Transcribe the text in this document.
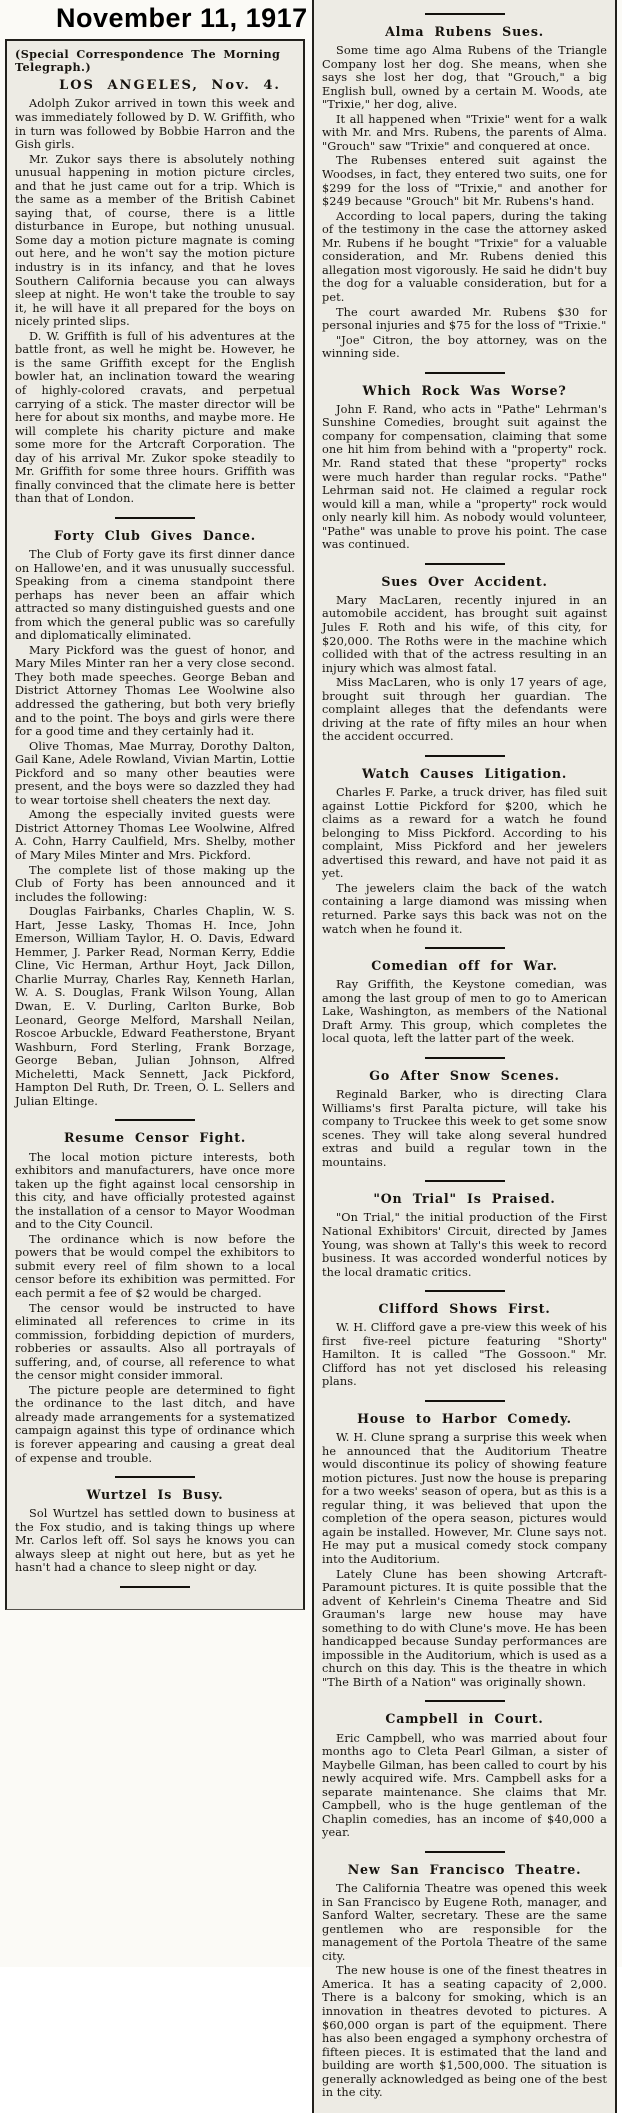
November 11, 1917
(Special Correspondence The Morning Telegraph.)
LOS ANGELES, Nov. 4.

Adolph Zukor arrived in town this week and was immediately followed by D. W. Griffith, who in turn was followed by Bobbie Harron and the Gish girls.

Mr. Zukor says there is absolutely nothing unusual happening in motion picture circles, and that he just came out for a trip. Which is the same as a member of the British Cabinet saying that, of course, there is a little disturbance in Europe, but nothing unusual. Some day a motion picture magnate is coming out here, and he won't say the motion picture industry is in its infancy, and that he loves Southern California because you can always sleep at night. He won't take the trouble to say it, he will have it all prepared for the boys on nicely printed slips.

D. W. Griffith is full of his adventures at the battle front, as well he might be. However, he is the same Griffith except for the English bowler hat, an inclination toward the wearing of highly-colored cravats, and perpetual carrying of a stick. The master director will be here for about six months, and maybe more. He will complete his charity picture and make some more for the Artcraft Corporation. The day of his arrival Mr. Zukor spoke steadily to Mr. Griffith for some three hours. Griffith was finally convinced that the climate here is better than that of London.

Forty Club Gives Dance.

The Club of Forty gave its first dinner dance on Hallowe'en, and it was unusually successful. Speaking from a cinema standpoint there perhaps has never been an affair which attracted so many distinguished guests and one from which the general public was so carefully and diplomatically eliminated.

Mary Pickford was the guest of honor, and Mary Miles Minter ran her a very close second. They both made speeches. George Beban and District Attorney Thomas Lee Woolwine also addressed the gathering, but both very briefly and to the point. The boys and girls were there for a good time and they certainly had it.

Olive Thomas, Mae Murray, Dorothy Dalton, Gail Kane, Adele Rowland, Vivian Martin, Lottie Pickford and so many other beauties were present, and the boys were so dazzled they had to wear tortoise shell cheaters the next day.

Among the especially invited guests were District Attorney Thomas Lee Woolwine, Alfred A. Cohn, Harry Caulfield, Mrs. Shelby, mother of Mary Miles Minter and Mrs. Pickford.

The complete list of those making up the Club of Forty has been announced and it includes the following:

Douglas Fairbanks, Charles Chaplin, W. S. Hart, Jesse Lasky, Thomas H. Ince, John Emerson, William Taylor, H. O. Davis, Edward Hemmer, J. Parker Read, Norman Kerry, Eddie Cline, Vic Herman, Arthur Hoyt, Jack Dillon, Charlie Murray, Charles Ray, Kenneth Harlan, W. A. S. Douglas, Frank Wilson Young, Allan Dwan, E. V. Durling, Carlton Burke, Bob Leonard, George Melford, Marshall Neilan, Roscoe Arbuckle, Edward Featherstone, Bryant Washburn, Ford Sterling, Frank Borzage, George Beban, Julian Johnson, Alfred Micheletti, Mack Sennett, Jack Pickford, Hampton Del Ruth, Dr. Treen, O. L. Sellers and Julian Eltinge.

Resume Censor Fight.

The local motion picture interests, both exhibitors and manufacturers, have once more taken up the fight against local censorship in this city, and have officially protested against the installation of a censor to Mayor Woodman and to the City Council.

The ordinance which is now before the powers that be would compel the exhibitors to submit every reel of film shown to a local censor before its exhibition was permitted. For each permit a fee of $2 would be charged.

The censor would be instructed to have eliminated all references to crime in its commission, forbidding depiction of murders, robberies or assaults. Also all portrayals of suffering, and, of course, all reference to what the censor might consider immoral.

The picture people are determined to fight the ordinance to the last ditch, and have already made arrangements for a systematized campaign against this type of ordinance which is forever appearing and causing a great deal of expense and trouble.

Wurtzel Is Busy.

Sol Wurtzel has settled down to business at the Fox studio, and is taking things up where Mr. Carlos left off. Sol says he knows you can always sleep at night out here, but as yet he hasn't had a chance to sleep night or day.

Alma Rubens Sues.

Some time ago Alma Rubens of the Triangle Company lost her dog. She means, when she says she lost her dog, that "Grouch," a big English bull, owned by a certain M. Woods, ate "Trixie," her dog, alive.

It all happened when "Trixie" went for a walk with Mr. and Mrs. Rubens, the parents of Alma. "Grouch" saw "Trixie" and conquered at once.

The Rubenses entered suit against the Woodses, in fact, they entered two suits, one for $299 for the loss of "Trixie," and another for $249 because "Grouch" bit Mr. Rubens's hand.

According to local papers, during the taking of the testimony in the case the attorney asked Mr. Rubens if he bought "Trixie" for a valuable consideration, and Mr. Rubens denied this allegation most vigorously. He said he didn't buy the dog for a valuable consideration, but for a pet.

The court awarded Mr. Rubens $30 for personal injuries and $75 for the loss of "Trixie."

"Joe" Citron, the boy attorney, was on the winning side.

Which Rock Was Worse?

John F. Rand, who acts in "Pathe" Lehrman's Sunshine Comedies, brought suit against the company for compensation, claiming that some one hit him from behind with a "property" rock. Mr. Rand stated that these "property" rocks were much harder than regular rocks. "Pathe" Lehrman said not. He claimed a regular rock would kill a man, while a "property" rock would only nearly kill him. As nobody would volunteer, "Pathe" was unable to prove his point. The case was continued.

Sues Over Accident.

Mary MacLaren, recently injured in an automobile accident, has brought suit against Jules F. Roth and his wife, of this city, for $20,000. The Roths were in the machine which collided with that of the actress resulting in an injury which was almost fatal.

Miss MacLaren, who is only 17 years of age, brought suit through her guardian. The complaint alleges that the defendants were driving at the rate of fifty miles an hour when the accident occurred.

Watch Causes Litigation.

Charles F. Parke, a truck driver, has filed suit against Lottie Pickford for $200, which he claims as a reward for a watch he found belonging to Miss Pickford. According to his complaint, Miss Pickford and her jewelers advertised this reward, and have not paid it as yet.

The jewelers claim the back of the watch containing a large diamond was missing when returned. Parke says this back was not on the watch when he found it.

Comedian off for War.

Ray Griffith, the Keystone comedian, was among the last group of men to go to American Lake, Washington, as members of the National Draft Army. This group, which completes the local quota, left the latter part of the week.

Go After Snow Scenes.

Reginald Barker, who is directing Clara Williams's first Paralta picture, will take his company to Truckee this week to get some snow scenes. They will take along several hundred extras and build a regular town in the mountains.

"On Trial" Is Praised.

"On Trial," the initial production of the First National Exhibitors' Circuit, directed by James Young, was shown at Tally's this week to record business. It was accorded wonderful notices by the local dramatic critics.

Clifford Shows First.

W. H. Clifford gave a pre-view this week of his first five-reel picture featuring "Shorty" Hamilton. It is called "The Gossoon." Mr. Clifford has not yet disclosed his releasing plans.

House to Harbor Comedy.

W. H. Clune sprang a surprise this week when he announced that the Auditorium Theatre would discontinue its policy of showing feature motion pictures. Just now the house is preparing for a two weeks' season of opera, but as this is a regular thing, it was believed that upon the completion of the opera season, pictures would again be installed. However, Mr. Clune says not. He may put a musical comedy stock company into the Auditorium.

Lately Clune has been showing Artcraft-Paramount pictures. It is quite possible that the advent of Kehrlein's Cinema Theatre and Sid Grauman's large new house may have something to do with Clune's move. He has been handicapped because Sunday performances are impossible in the Auditorium, which is used as a church on this day. This is the theatre in which "The Birth of a Nation" was originally shown.

Campbell in Court.

Eric Campbell, who was married about four months ago to Cleta Pearl Gilman, a sister of Maybelle Gilman, has been called to court by his newly acquired wife. Mrs. Campbell asks for a separate maintenance. She claims that Mr. Campbell, who is the huge gentleman of the Chaplin comedies, has an income of $40,000 a year.

New San Francisco Theatre.

The California Theatre was opened this week in San Francisco by Eugene Roth, manager, and Sanford Walter, secretary. These are the same gentlemen who are responsible for the management of the Portola Theatre of the same city.

The new house is one of the finest theatres in America. It has a seating capacity of 2,000. There is a balcony for smoking, which is an innovation in theatres devoted to pictures. A $60,000 organ is part of the equipment. There has also been engaged a symphony orchestra of fifteen pieces. It is estimated that the land and building are worth $1,500,000. The situation is generally acknowledged as being one of the best in the city.
